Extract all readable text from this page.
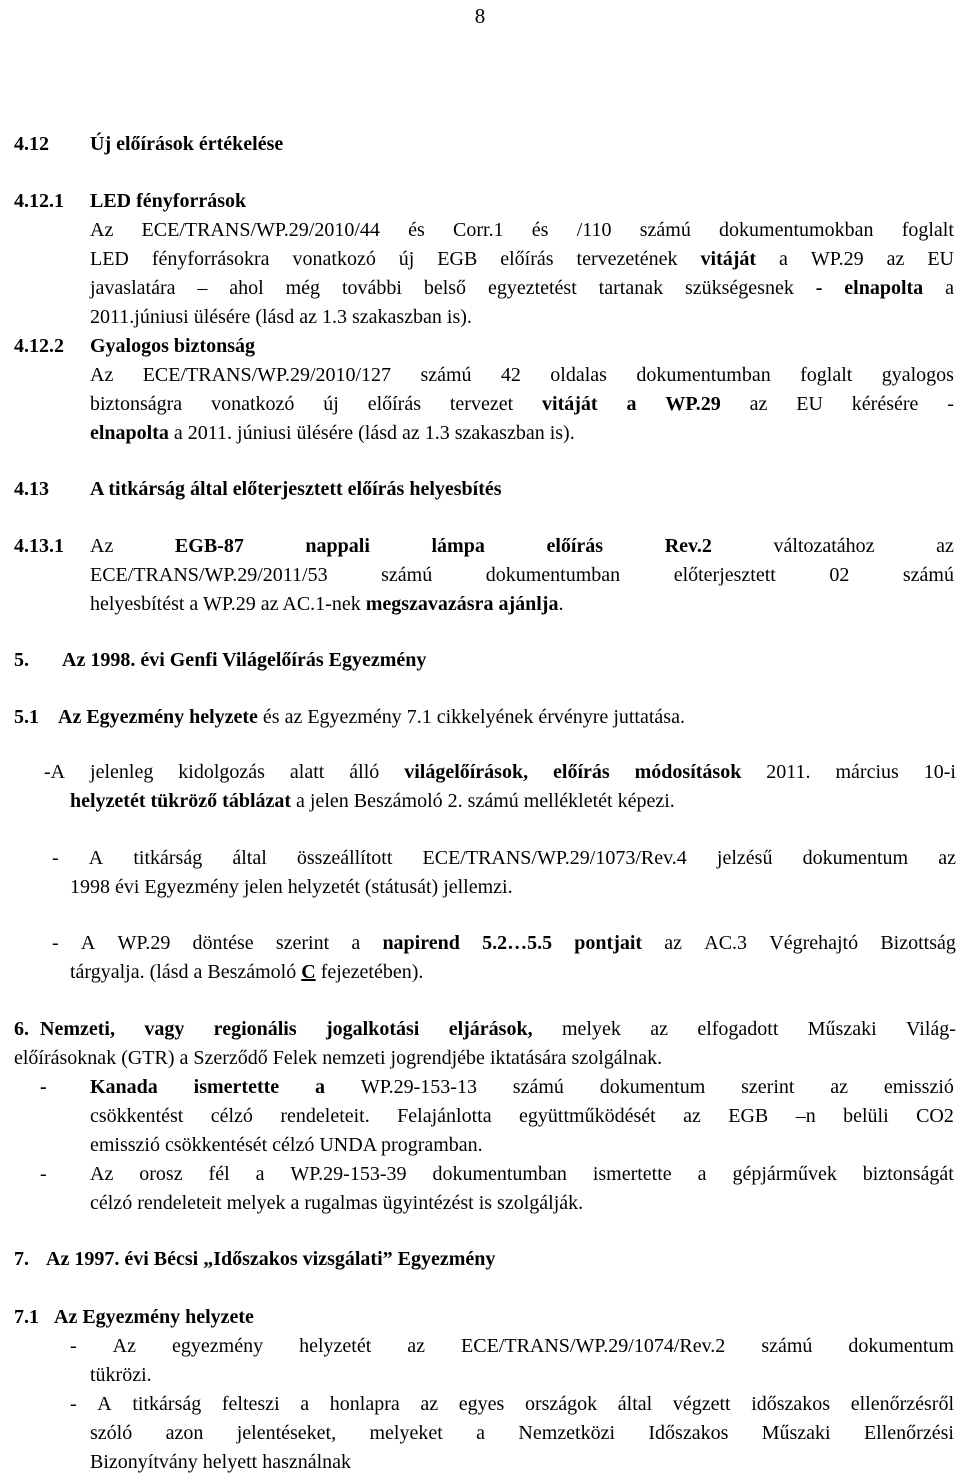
8
4.12 Új előírások értékelése
4.12.1 LED fényforrások
Az ECE/TRANS/WP.29/2010/44 és Corr.1 és /110 számú dokumentumokban foglalt
LED fényforrásokra vonatkozó új EGB előírás tervezetének vitáját a WP.29 az EU
javaslatára – ahol még további belső egyeztetést tartanak szükségesnek - elnapolta a
2011.júniusi ülésére (lásd az 1.3 szakaszban is).
4.12.2 Gyalogos biztonság
Az ECE/TRANS/WP.29/2010/127 számú 42 oldalas dokumentumban foglalt gyalogos
biztonságra vonatkozó új előírás tervezet vitáját a WP.29 az EU kérésére -
elnapolta a 2011. júniusi ülésére (lásd az 1.3 szakaszban is).
4.13 A titkárság által előterjesztett előírás helyesbítés
4.13.1 Az	EGB-87	nappali	lámpa	előírás	Rev.2	változatához	az
ECE/TRANS/WP.29/2011/53	számú	dokumentumban	előterjesztett	02	számú
helyesbítést a WP.29 az AC.1-nek megszavazásra ajánlja.
5. Az 1998. évi Genfi Világelőírás Egyezmény
5.1 Az Egyezmény helyzete és az Egyezmény 7.1 cikkelyének érvényre juttatása.
-A jelenleg kidolgozás alatt álló világelőírások, előírás módosítások 2011. március 10-i
helyzetét tükröző táblázat a jelen Beszámoló 2. számú mellékletét képezi.
- A titkárság által összeállított ECE/TRANS/WP.29/1073/Rev.4 jelzésű dokumentum az
1998 évi Egyezmény jelen helyzetét (státusát) jellemzi.
- A WP.29 döntése szerint a napirend 5.2…5.5 pontjait az AC.3 Végrehajtó Bizottság
tárgyalja. (lásd a Beszámoló C fejezetében).
6. Nemzeti, vagy regionális jogalkotási eljárások, melyek az elfogadott Műszaki Világ-
előírásoknak (GTR) a Szerződő Felek nemzeti jogrendjébe iktatására szolgálnak.
- Kanada ismertette a WP.29-153-13 számú dokumentum szerint az emisszió
csökkentést célzó rendeleteit. Felajánlotta együttműködését az EGB –n belüli CO2
emisszió csökkentését célzó UNDA programban.
- Az orosz fél a WP.29-153-39 dokumentumban ismertette a gépjárművek biztonságát
célzó rendeleteit melyek a rugalmas ügyintézést is szolgálják.
7. Az 1997. évi Bécsi „Időszakos vizsgálati” Egyezmény
7.1 Az Egyezmény helyzete
- Az egyezmény helyzetét az ECE/TRANS/WP.29/1074/Rev.2 számú dokumentum
tükrözi.
- A titkárság felteszi a honlapra az egyes országok által végzett időszakos ellenőrzésről
szóló azon jelentéseket, melyeket a Nemzetközi Időszakos Műszaki Ellenőrzési
Bizonyítvány helyett használnak
